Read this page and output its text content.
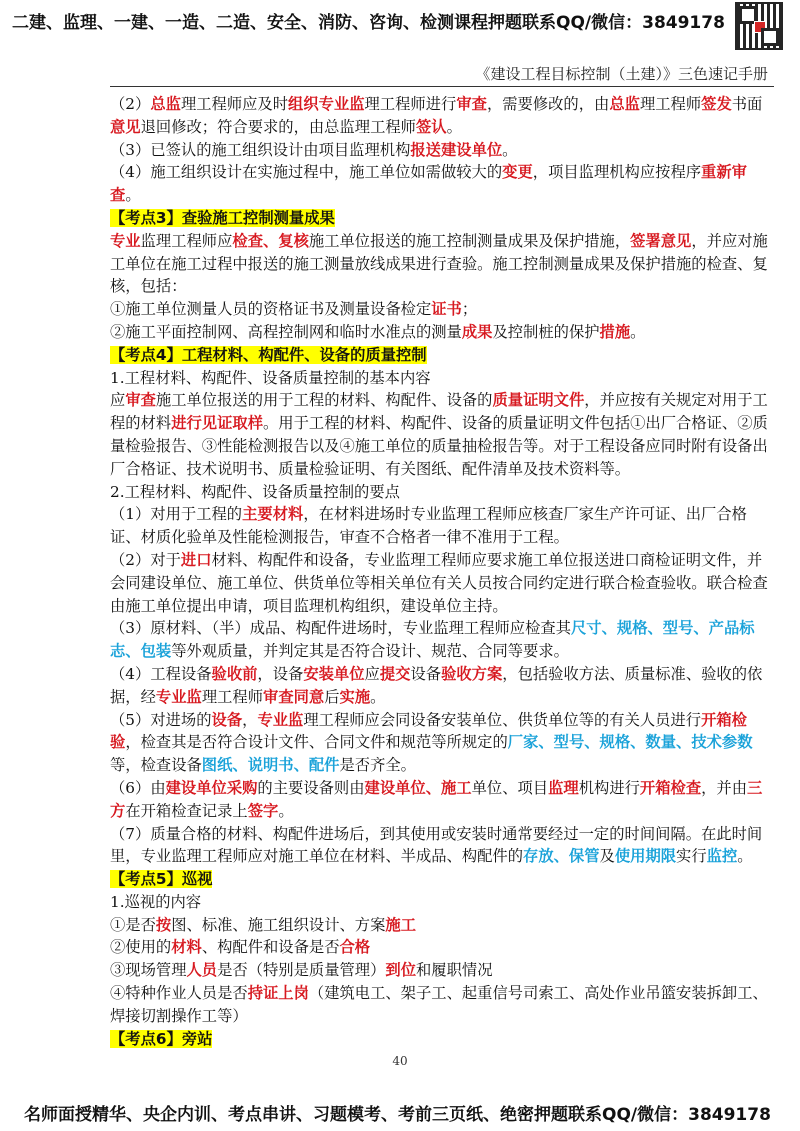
二建、监理、一建、一造、二造、安全、消防、咨询、检测课程押题联系QQ/微信：3849178
《建设工程目标控制（土建）》三色速记手册

（2）总监理工程师应及时组织专业监理工程师进行审查，需要修改的，由总监理工程师签发书面意见退回修改；符合要求的，由总监理工程师签认。

（3）已签认的施工组织设计由项目监理机构报送建设单位。

（4）施工组织设计在实施过程中，施工单位如需做较大的变更，项目监理机构应按程序重新审查。

【考点3】查验施工控制测量成果

专业监理工程师应检查、复核施工单位报送的施工控制测量成果及保护措施，签署意见，并应对施工单位在施工过程中报送的施工测量放线成果进行查验。施工控制测量成果及保护措施的检查、复核，包括：

①施工单位测量人员的资格证书及测量设备检定证书；

②施工平面控制网、高程控制网和临时水准点的测量成果及控制桩的保护措施。

【考点4】工程材料、构配件、设备的质量控制

1.工程材料、构配件、设备质量控制的基本内容

应审查施工单位报送的用于工程的材料、构配件、设备的质量证明文件，并应按有关规定对用于工程的材料进行见证取样。用于工程的材料、构配件、设备的质量证明文件包括①出厂合格证、②质量检验报告、③性能检测报告以及④施工单位的质量抽检报告等。对于工程设备应同时附有设备出厂合格证、技术说明书、质量检验证明、有关图纸、配件清单及技术资料等。

2.工程材料、构配件、设备质量控制的要点

（1）对用于工程的主要材料，在材料进场时专业监理工程师应核查厂家生产许可证、出厂合格证、材质化验单及性能检测报告，审查不合格者一律不准用于工程。

（2）对于进口材料、构配件和设备，专业监理工程师应要求施工单位报送进口商检证明文件，并会同建设单位、施工单位、供货单位等相关单位有关人员按合同约定进行联合检查验收。联合检查由施工单位提出申请，项目监理机构组织，建设单位主持。

（3）原材料、（半）成品、构配件进场时，专业监理工程师应检查其尺寸、规格、型号、产品标志、包装等外观质量，并判定其是否符合设计、规范、合同等要求。

（4）工程设备验收前，设备安装单位应提交设备验收方案，包括验收方法、质量标准、验收的依据，经专业监理工程师审查同意后实施。

（5）对进场的设备，专业监理工程师应会同设备安装单位、供货单位等的有关人员进行开箱检验，检查其是否符合设计文件、合同文件和规范等所规定的厂家、型号、规格、数量、技术参数等，检查设备图纸、说明书、配件是否齐全。

（6）由建设单位采购的主要设备则由建设单位、施工单位、项目监理机构进行开箱检查，并由三方在开箱检查记录上签字。

（7）质量合格的材料、构配件进场后，到其使用或安装时通常要经过一定的时间间隔。在此时间里，专业监理工程师应对施工单位在材料、半成品、构配件的存放、保管及使用期限实行监控。

【考点5】巡视

1.巡视的内容

①是否按图、标准、施工组织设计、方案施工

②使用的材料、构配件和设备是否合格

③现场管理人员是否（特别是质量管理）到位和履职情况

④特种作业人员是否持证上岗（建筑电工、架子工、起重信号司索工、高处作业吊篮安装拆卸工、焊接切割操作工等）

【考点6】旁站

40
名师面授精华、央企内训、考点串讲、习题模考、考前三页纸、绝密押题联系QQ/微信：3849178
